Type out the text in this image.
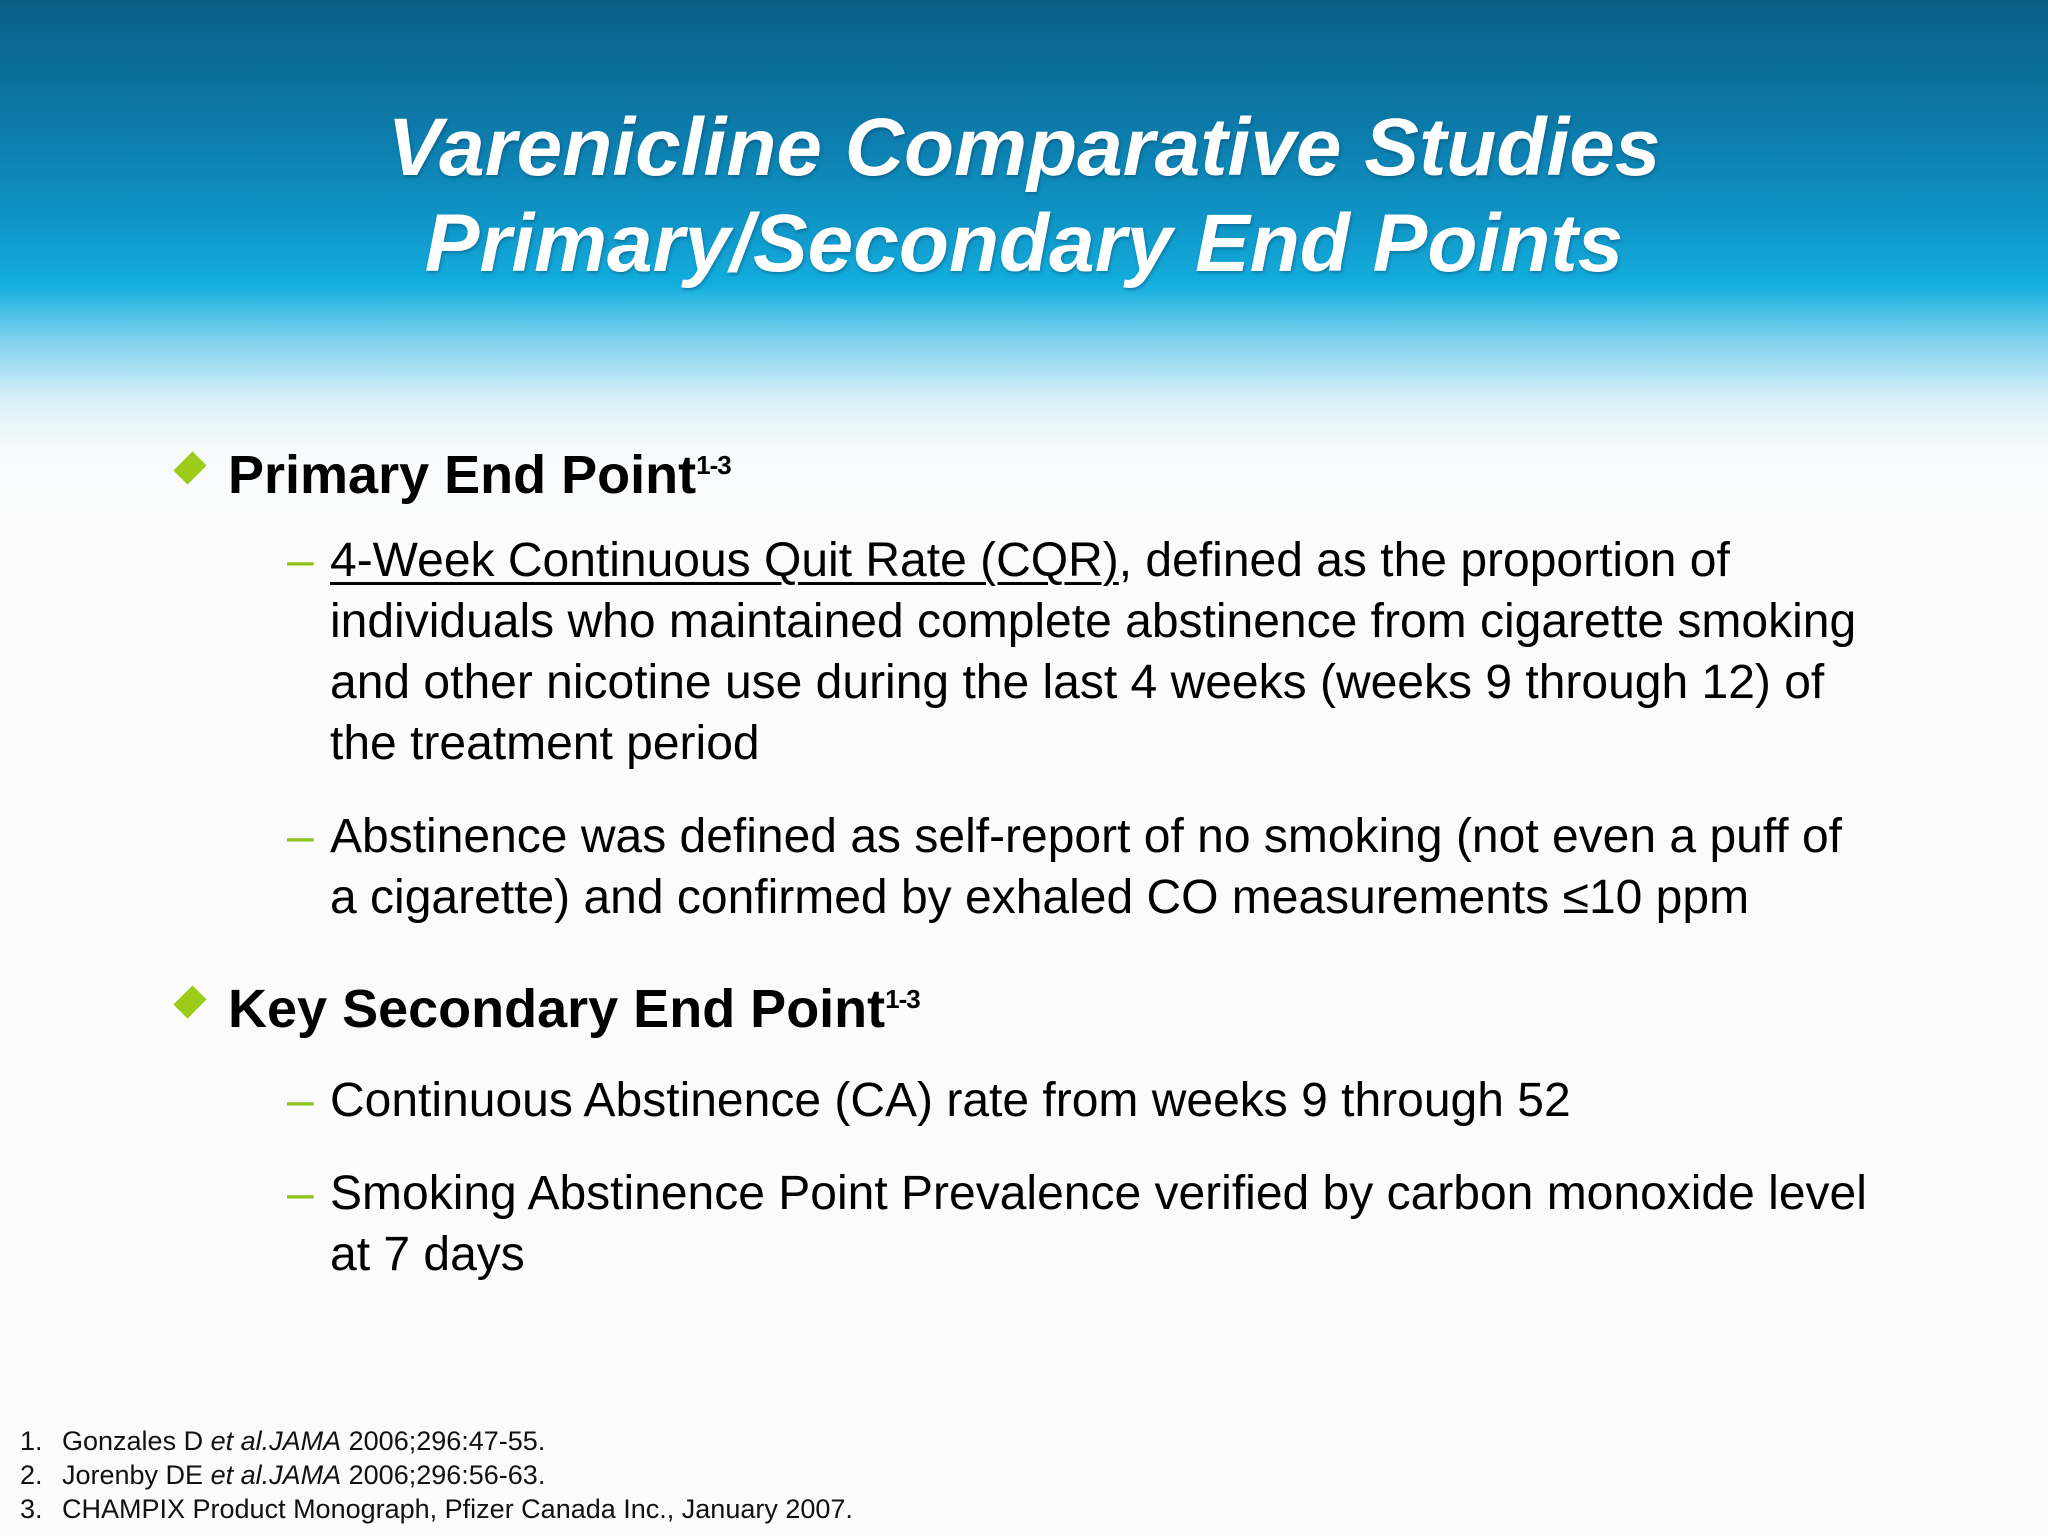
Varenicline Comparative Studies
Primary/Secondary End Points
Primary End Point$^{1-3}$
– 4-Week Continuous Quit Rate (CQR), defined as the proportion of individuals who maintained complete abstinence from cigarette smoking and other nicotine use during the last 4 weeks (weeks 9 through 12) of the treatment period
– Abstinence was defined as self-report of no smoking (not even a puff of a cigarette) and confirmed by exhaled CO measurements ≤10 ppm
Key Secondary End Point$^{1-3}$
– Continuous Abstinence (CA) rate from weeks 9 through 52
– Smoking Abstinence Point Prevalence verified by carbon monoxide level at 7 days
1. Gonzales D et al.JAMA 2006;296:47-55.
2. Jorenby DE et al.JAMA 2006;296:56-63.
3. CHAMPIX Product Monograph, Pfizer Canada Inc., January 2007.
